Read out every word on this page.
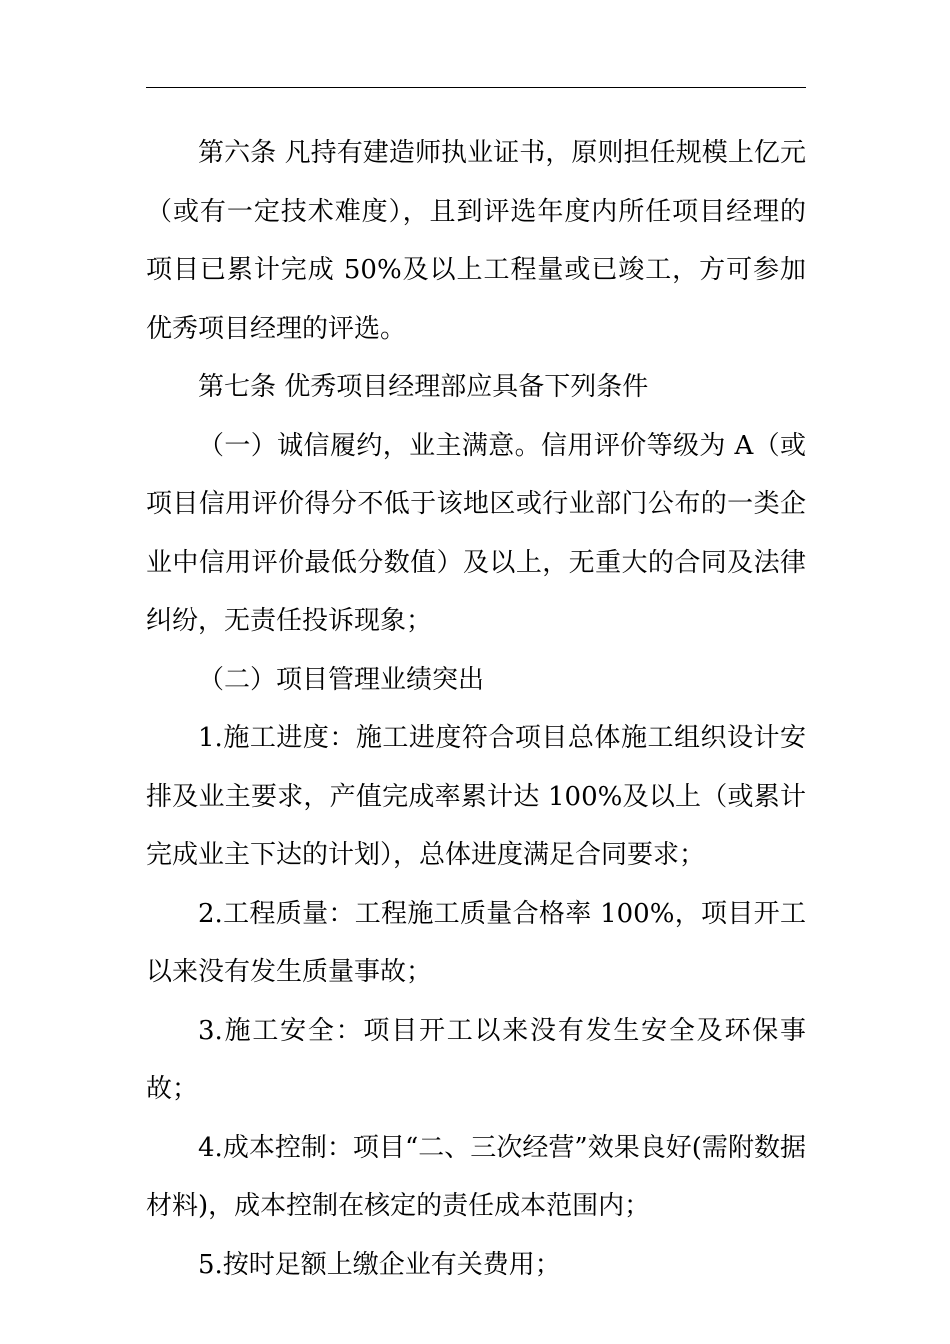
第六条 凡持有建造师执业证书，原则担任规模上亿元（或有一定技术难度），且到评选年度内所任项目经理的项目已累计完成 50%及以上工程量或已竣工，方可参加优秀项目经理的评选。

第七条 优秀项目经理部应具备下列条件

（一）诚信履约，业主满意。信用评价等级为 A（或项目信用评价得分不低于该地区或行业部门公布的一类企业中信用评价最低分数值）及以上，无重大的合同及法律纠纷，无责任投诉现象；

（二）项目管理业绩突出

1.施工进度：施工进度符合项目总体施工组织设计安排及业主要求，产值完成率累计达 100%及以上（或累计完成业主下达的计划），总体进度满足合同要求；

2.工程质量：工程施工质量合格率 100%，项目开工以来没有发生质量事故；

3.施工安全：项目开工以来没有发生安全及环保事故；

4.成本控制：项目“二、三次经营”效果良好(需附数据材料)，成本控制在核定的责任成本范围内；

5.按时足额上缴企业有关费用；
